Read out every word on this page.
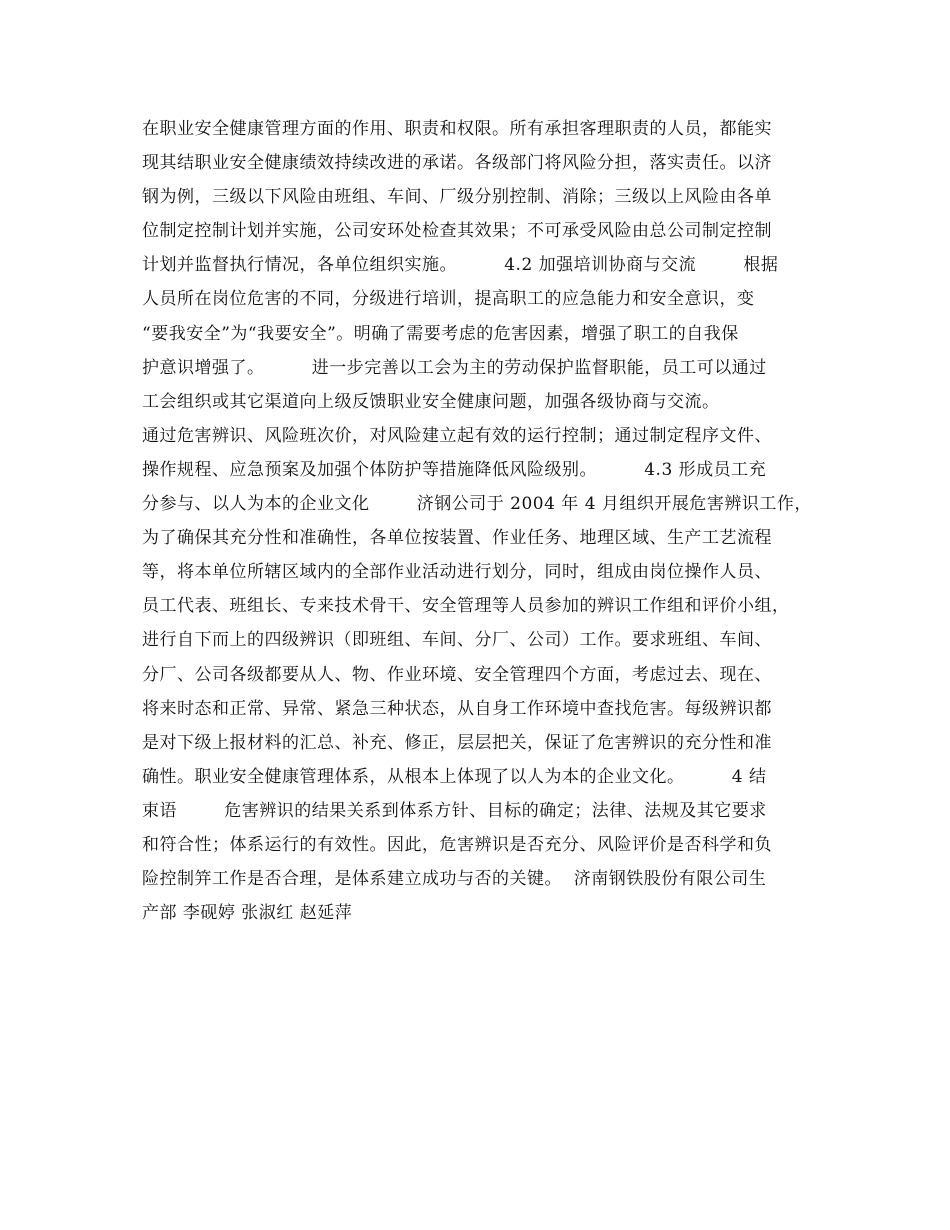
在职业安全健康管理方面的作用、职责和权限。所有承担客理职责的人员，都能实
现其结职业安全健康绩效持续改进的承诺。各级部门将风险分担，落实责任。以济
钢为例，三级以下风险由班组、车间、厂级分别控制、消除；三级以上风险由各单
位制定控制计划并实施，公司安环处检查其效果；不可承受风险由总公司制定控制
计划并监督执行情况，各单位组织实施。        4.2 加强培训协商与交流        根据
人员所在岗位危害的不同，分级进行培训，提高职工的应急能力和安全意识，变
“要我安全”为“我要安全”。明确了需要考虑的危害因素，增强了职工的自我保
护意识增强了。        进一步完善以工会为主的劳动保护监督职能，员工可以通过
工会组织或其它渠道向上级反馈职业安全健康问题，加强各级协商与交流。
通过危害辨识、风险班次价，对风险建立起有效的运行控制；通过制定程序文件、
操作规程、应急预案及加强个体防护等措施降低风险级别。        4.3 形成员工充
分参与、以人为本的企业文化        济钢公司于 2004 年 4 月组织开展危害辨识工作，
为了确保其充分性和准确性，各单位按装置、作业任务、地理区域、生产工艺流程
等，将本单位所辖区域内的全部作业活动进行划分，同时，组成由岗位操作人员、
员工代表、班组长、专来技术骨干、安全管理等人员参加的辨识工作组和评价小组，
进行自下而上的四级辨识（即班组、车间、分厂、公司）工作。要求班组、车间、
分厂、公司各级都要从人、物、作业环境、安全管理四个方面，考虑过去、现在、
将来时态和正常、异常、紧急三种状态，从自身工作环境中查找危害。每级辨识都
是对下级上报材料的汇总、补充、修正，层层把关，保证了危害辨识的充分性和准
确性。职业安全健康管理体系，从根本上体现了以人为本的企业文化。        4 结
束语        危害辨识的结果关系到体系方针、目标的确定；法律、法规及其它要求
和符合性；体系运行的有效性。因此，危害辨识是否充分、风险评价是否科学和负
险控制笄工作是否合理，是体系建立成功与否的关键。  济南钢铁股份有限公司生
产部 李砚婷 张淑红 赵延萍
